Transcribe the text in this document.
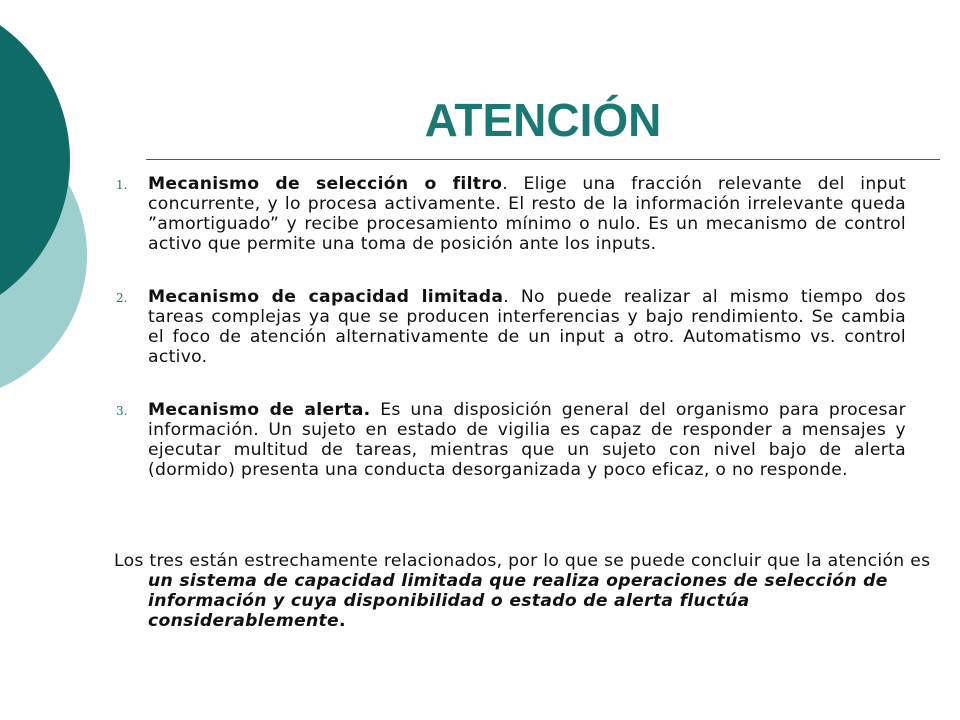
ATENCIÓN
1. Mecanismo de selección o filtro. Elige una fracción relevante del input concurrente, y lo procesa activamente. El resto de la información irrelevante queda ”amortiguado” y recibe procesamiento mínimo o nulo. Es un mecanismo de control activo que permite una toma de posición ante los inputs.

2. Mecanismo de capacidad limitada. No puede realizar al mismo tiempo dos tareas complejas ya que se producen interferencias y bajo rendimiento. Se cambia el foco de atención alternativamente de un input a otro. Automatismo vs. control activo.

3. Mecanismo de alerta. Es una disposición general del organismo para procesar información. Un sujeto en estado de vigilia es capaz de responder a mensajes y ejecutar multitud de tareas, mientras que un sujeto con nivel bajo de alerta (dormido) presenta una conducta desorganizada y poco eficaz, o no responde.

Los tres están estrechamente relacionados, por lo que se puede concluir que la atención es un sistema de capacidad limitada que realiza operaciones de selección de información y cuya disponibilidad o estado de alerta fluctúa considerablemente.
